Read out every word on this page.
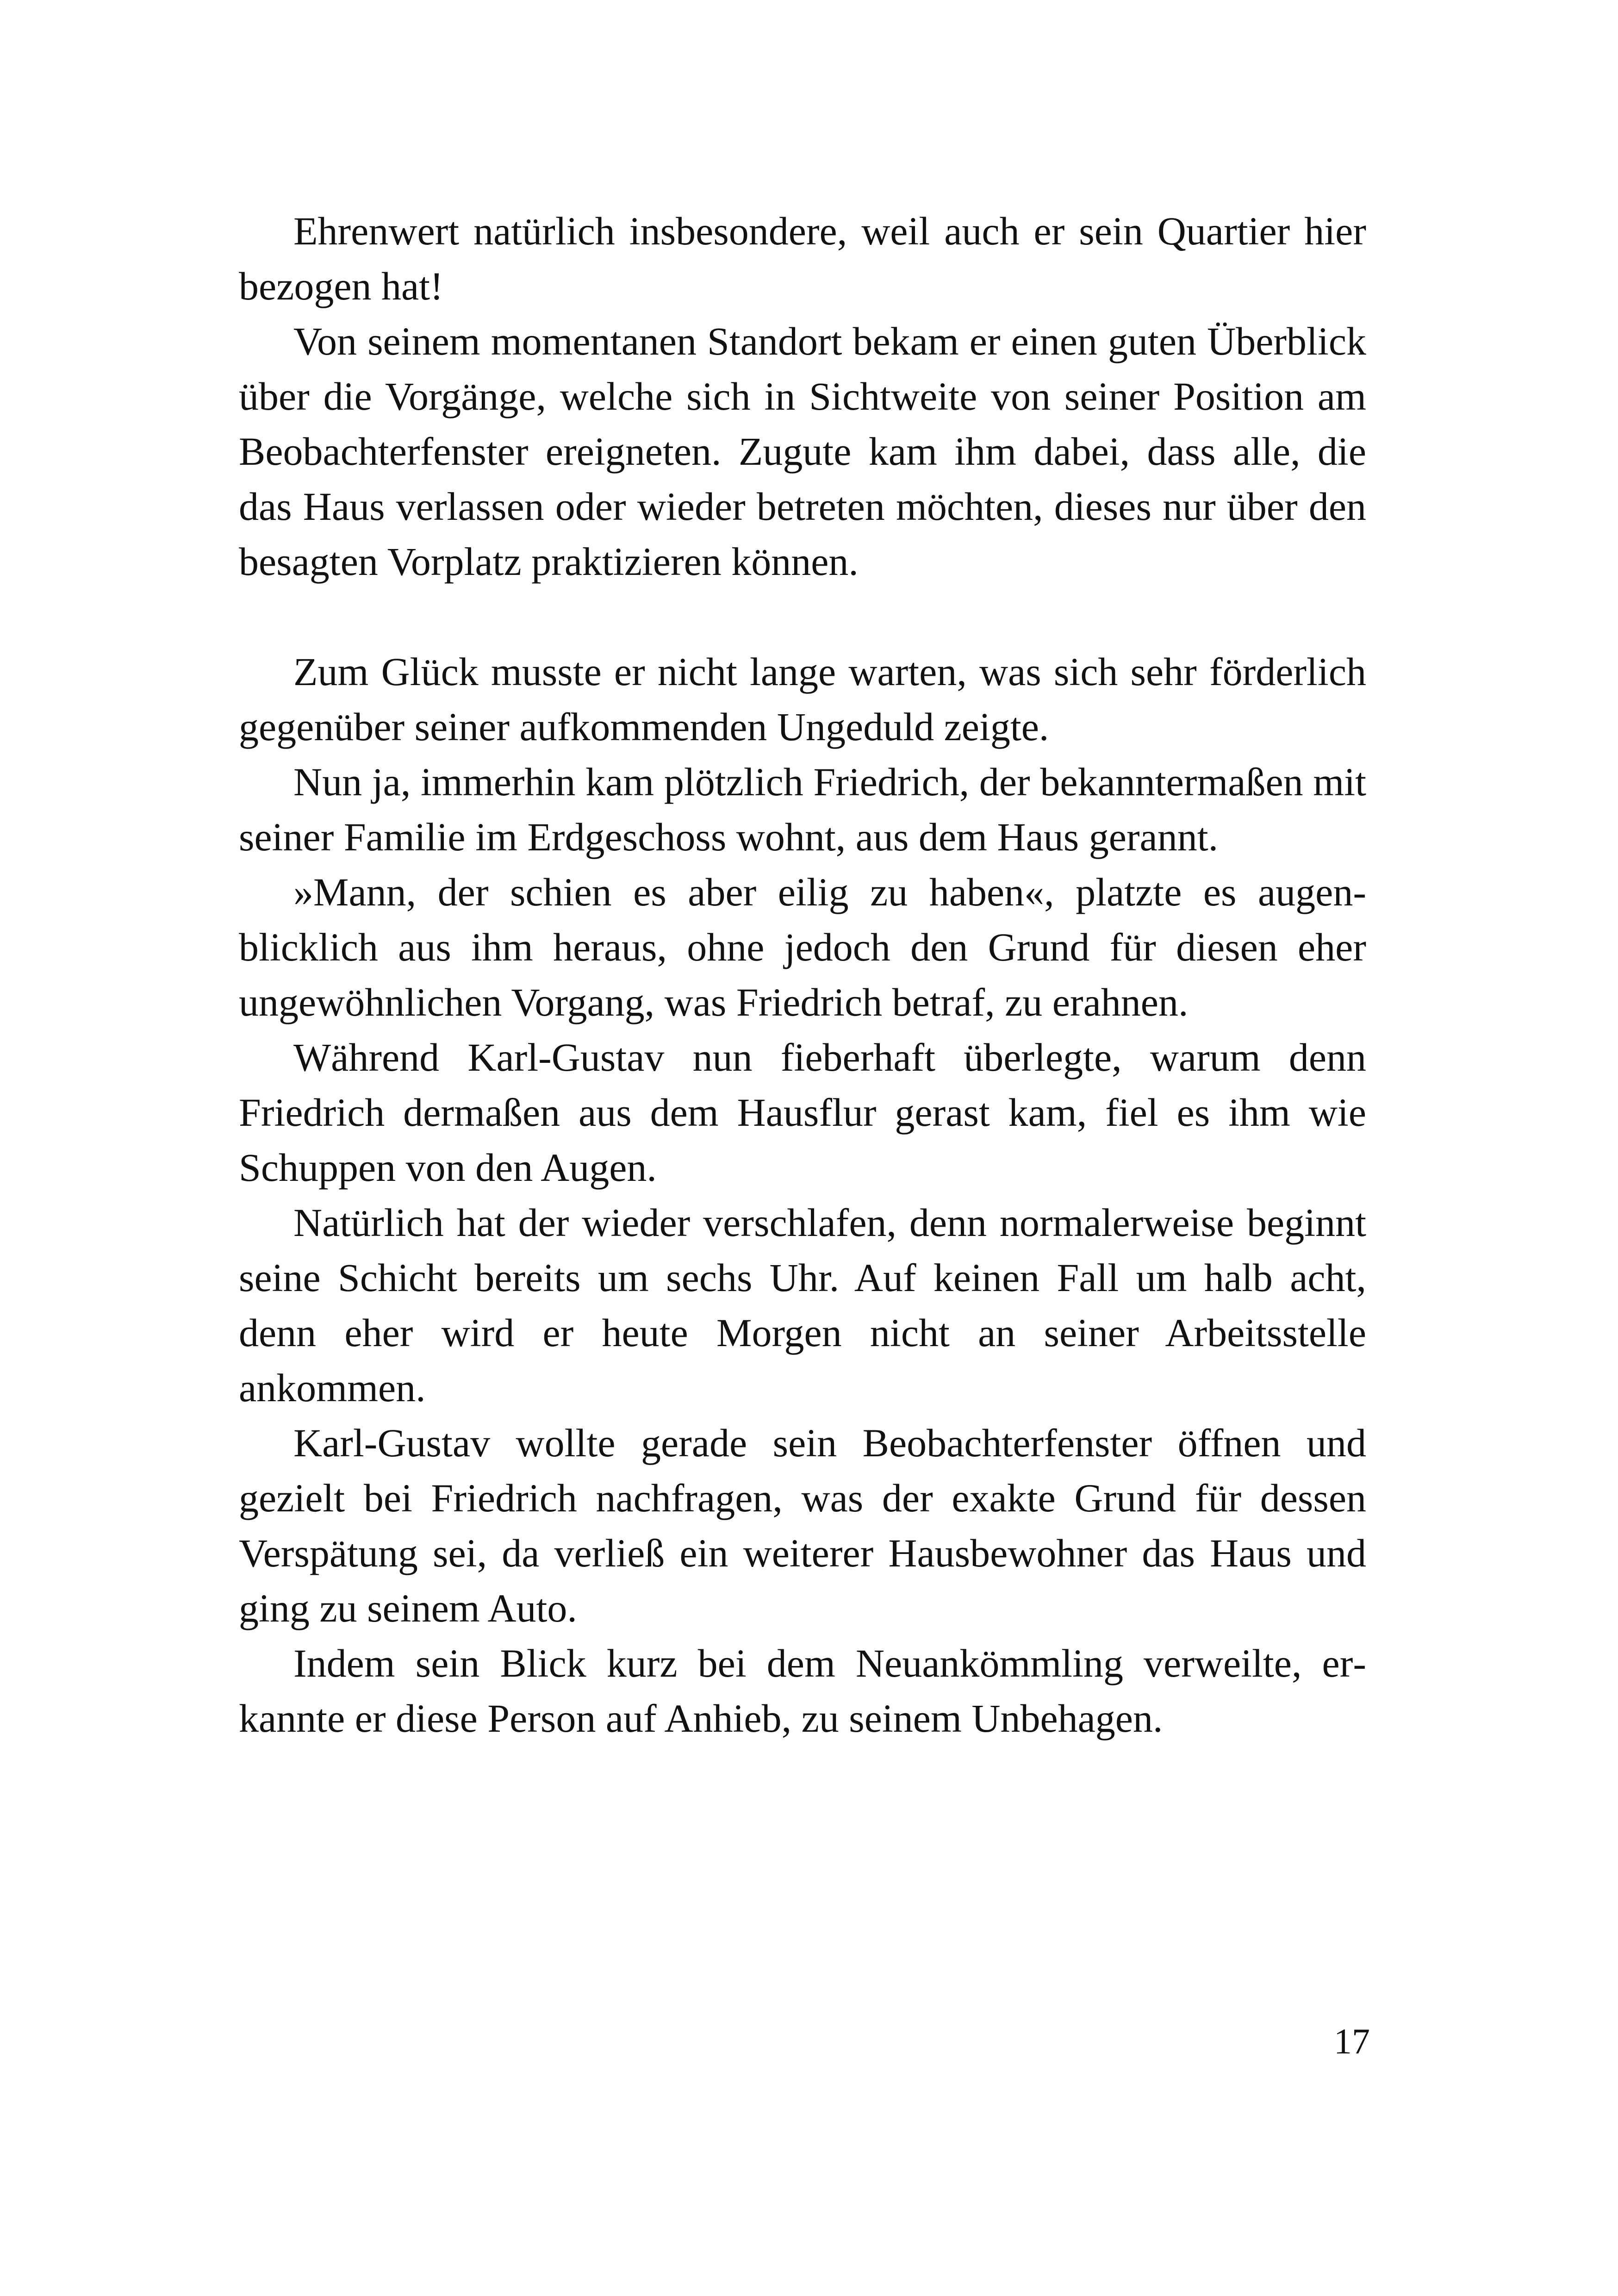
Ehrenwert natürlich insbesondere, weil auch er sein Quartier hier bezogen hat!

Von seinem momentanen Standort bekam er einen guten Überblick über die Vorgänge, welche sich in Sichtweite von seiner Position am Beobachterfenster ereigneten. Zugute kam ihm dabei, dass alle, die das Haus verlassen oder wieder betreten möchten, dieses nur über den besagten Vorplatz praktizieren können.

Zum Glück musste er nicht lange warten, was sich sehr förderlich gegenüber seiner aufkommenden Ungeduld zeigte.

Nun ja, immerhin kam plötzlich Friedrich, der bekanntermaßen mit seiner Familie im Erdgeschoss wohnt, aus dem Haus gerannt.

»Mann, der schien es aber eilig zu haben«, platzte es augenblicklich aus ihm heraus, ohne jedoch den Grund für diesen eher ungewöhnlichen Vorgang, was Friedrich betraf, zu erahnen.

Während Karl-Gustav nun fieberhaft überlegte, warum denn Friedrich dermaßen aus dem Hausflur gerast kam, fiel es ihm wie Schuppen von den Augen.

Natürlich hat der wieder verschlafen, denn normalerweise beginnt seine Schicht bereits um sechs Uhr. Auf keinen Fall um halb acht, denn eher wird er heute Morgen nicht an seiner Arbeitsstelle ankommen.

Karl-Gustav wollte gerade sein Beobachterfenster öffnen und gezielt bei Friedrich nachfragen, was der exakte Grund für dessen Verspätung sei, da verließ ein weiterer Hausbewohner das Haus und ging zu seinem Auto.

Indem sein Blick kurz bei dem Neuankömmling verweilte, erkannte er diese Person auf Anhieb, zu seinem Unbehagen.

17
